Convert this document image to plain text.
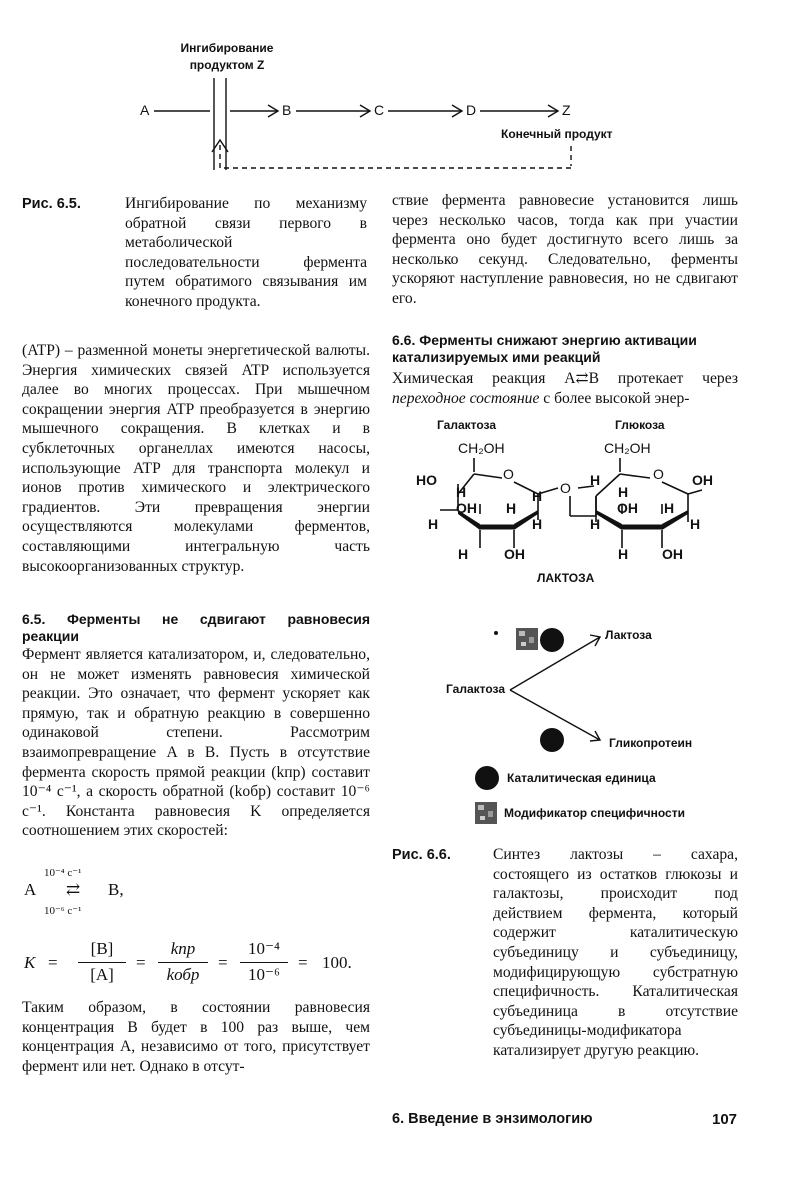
Ингибирование
продуктом Z
A	B	C	D	Z
Конечный продукт
Рис. 6.5.	Ингибирование по механизму обратной связи первого в метаболической последовательности фермента путем обратимого связывания им конечного продукта.
(ATP) – разменной монеты энергетической валюты. Энергия химических связей ATP используется далее во многих процессах. При мышечном сокращении энергия ATP преобразуется в энергию мышечного сокращения. В клетках и в субклеточных органеллах имеются насосы, использующие ATP для транспорта молекул и ионов против химического и электрического градиентов. Эти превращения энергии осуществляются молекулами ферментов, составляющими интегральную часть высокоорганизованных структур.
6.5. Ферменты не сдвигают равновесия
реакции
Фермент является катализатором, и, следовательно, он не может изменять равновесия химической реакции. Это означает, что фермент ускоряет как прямую, так и обратную реакцию в совершенно одинаковой степени. Рассмотрим взаимопревращение A в B. Пусть в отсутствие фермента скорость прямой реакции (kпр) составит 10⁻⁴ с⁻¹, а скорость обратной (kобр) составит 10⁻⁶ с⁻¹. Константа равновесия K определяется соотношением этих скоростей:
10⁻⁴ с⁻¹
A ⇄ B,
10⁻⁶ с⁻¹
K =
[B]
[A]
=
kпр
kобр
=
10⁻⁴
10⁻⁶
= 100.
Таким образом, в состоянии равновесия концентрация B будет в 100 раз выше, чем концентрация A, независимо от того, присутствует фермент или нет. Однако в отсут-
ствие фермента равновесие установится лишь через несколько часов, тогда как при участии фермента оно будет достигнуто всего лишь за несколько секунд. Следовательно, ферменты ускоряют наступление равновесия, но не сдвигают его.
6.6. Ферменты снижают энергию активации
катализируемых ими реакций

Химическая реакция A⇄B протекает через

переходное состояние с более высокой энер-

Галактоза	Глюкоза
CH₂OH
O
HO
H	H
OH H
H	H
H	OH
O
CH₂OH
O OH
H
H
OH H
H	H
H OH
ЛАКТОЗА
Лактоза
Галактоза
Гликопротеин
Каталитическая единица
Модификатор специфичности
Рис. 6.6.	Синтез лактозы – сахара, состоящего из остатков глюкозы и галактозы, происходит под действием фермента, который содержит каталитическую субъединицу и субъединицу, модифицирующую субстратную специфичность. Каталитическая субъединица в отсутствие субъединицы-модификатора катализирует другую реакцию.
6. Введение в энзимологию	107
